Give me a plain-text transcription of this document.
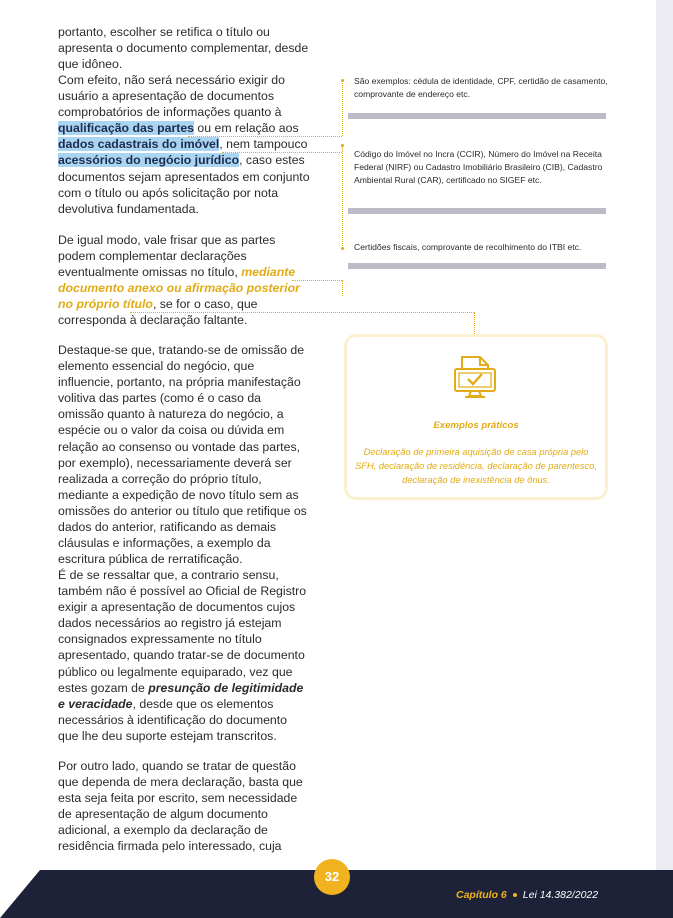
portanto, escolher se retifica o título ou apresenta o documento complementar, desde que idôneo.

Com efeito, não será necessário exigir do usuário a apresentação de documentos comprobatórios de informações quanto à qualificação das partes ou em relação aos dados cadastrais do imóvel, nem tampouco acessórios do negócio jurídico, caso estes documentos sejam apresentados em conjunto com o título ou após solicitação por nota devolutiva fundamentada.

De igual modo, vale frisar que as partes podem complementar declarações eventualmente omissas no título, mediante documento anexo ou afirmação posterior no próprio título, se for o caso, que corresponda à declaração faltante.

Destaque-se que, tratando-se de omissão de elemento essencial do negócio, que influencie, portanto, na própria manifestação volitiva das partes (como é o caso da omissão quanto à natureza do negócio, a espécie ou o valor da coisa ou dúvida em relação ao consenso ou vontade das partes, por exemplo), necessariamente deverá ser realizada a correção do próprio título, mediante a expedição de novo título sem as omissões do anterior ou título que retifique os dados do anterior, ratificando as demais cláusulas e informações, a exemplo da escritura pública de rerratificação.

É de se ressaltar que, a contrario sensu, também não é possível ao Oficial de Registro exigir a apresentação de documentos cujos dados necessários ao registro já estejam consignados expressamente no título apresentado, quando tratar-se de documento público ou legalmente equiparado, vez que estes gozam de presunção de legitimidade e veracidade, desde que os elementos necessários à identificação do documento que lhe deu suporte estejam transcritos.

Por outro lado, quando se tratar de questão que dependa de mera declaração, basta que esta seja feita por escrito, sem necessidade de apresentação de algum documento adicional, a exemplo da declaração de residência firmada pelo interessado, cuja

São exemplos: cédula de identidade, CPF, certidão de casamento, comprovante de endereço etc.
Código do Imóvel no Incra (CCIR), Número do Imóvel na Receita Federal (NIRF) ou Cadastro Imobiliário Brasileiro (CIB), Cadastro Ambiental Rural (CAR), certificado no SIGEF etc.
Certidões fiscais, comprovante de recolhimento do ITBI etc.
Exemplos práticos
Declaração de primeira aquisição de casa própria pelo SFH, declaração de residência, declaração de parentesco, declaração de inexistência de ônus.
32
Capítulo 6 Lei 14.382/2022
